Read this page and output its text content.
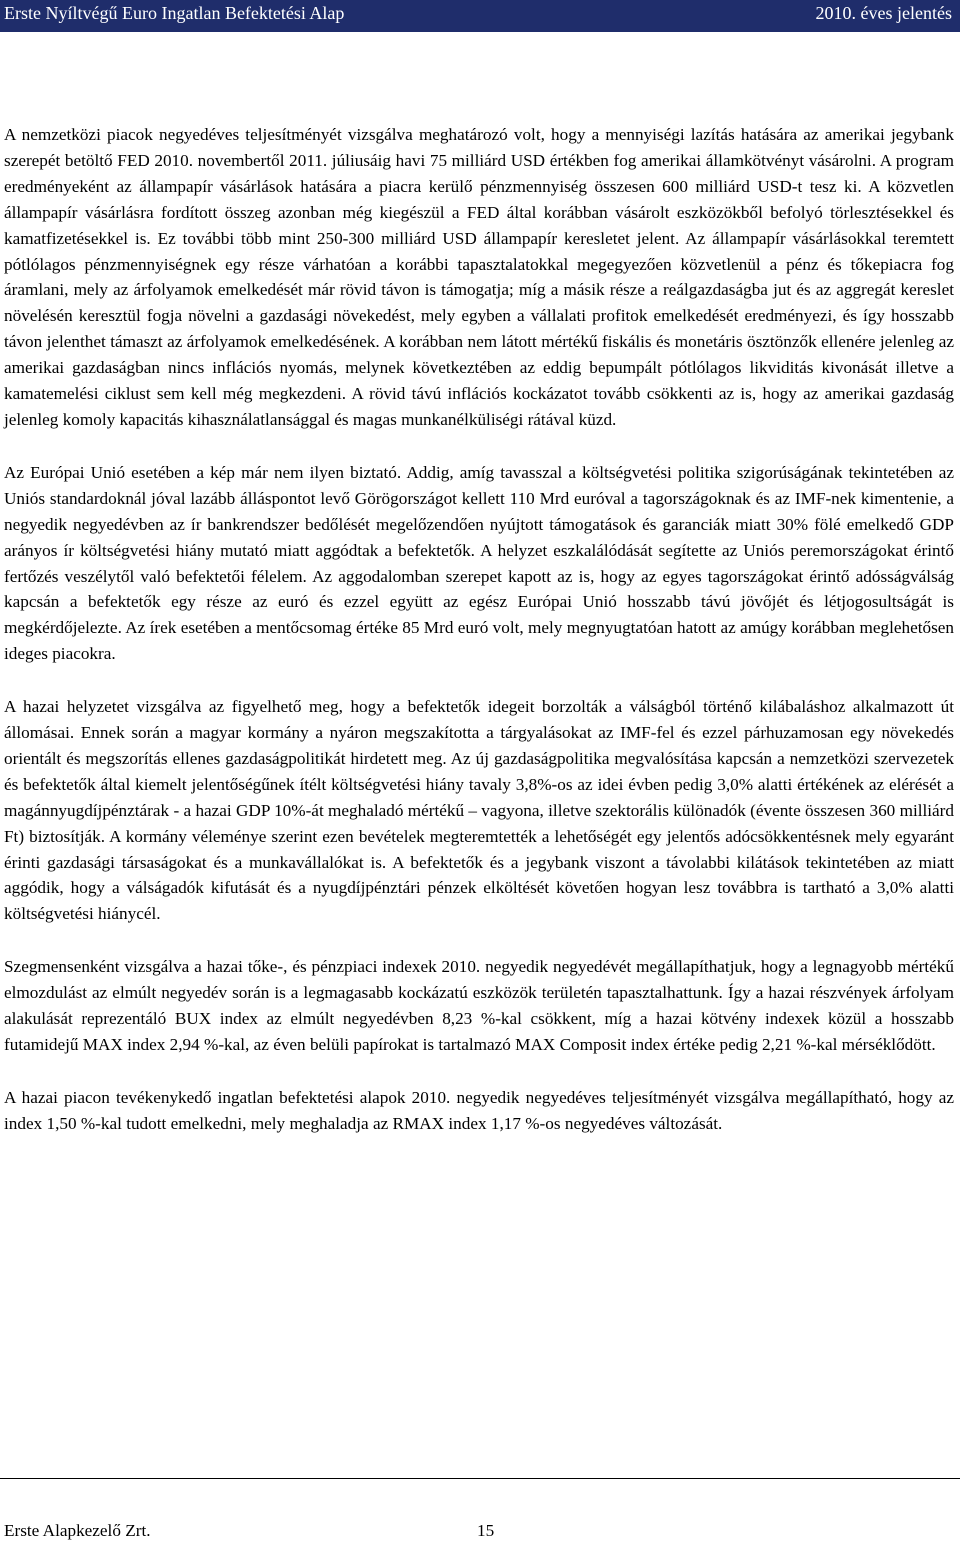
Erste Nyíltvégű Euro Ingatlan Befektetési Alap	2010. éves jelentés

A nemzetközi piacok negyedéves teljesítményét vizsgálva meghatározó volt, hogy a mennyiségi lazítás hatására az amerikai jegybank szerepét betöltő FED 2010. novembertől 2011. júliusáig havi 75 milliárd USD értékben fog amerikai államkötvényt vásárolni. A program eredményeként az állampapír vásárlások hatására a piacra kerülő pénzmennyiség összesen 600 milliárd USD-t tesz ki. A közvetlen állampapír vásárlásra fordított összeg azonban még kiegészül a FED által korábban vásárolt eszközökből befolyó törlesztésekkel és kamatfizetésekkel is. Ez további több mint 250-300 milliárd USD állampapír keresletet jelent. Az állampapír vásárlásokkal teremtett pótlólagos pénzmennyiségnek egy része várhatóan a korábbi tapasztalatokkal megegyezően közvetlenül a pénz és tőkepiacra fog áramlani, mely az árfolyamok emelkedését már rövid távon is támogatja; míg a másik része a reálgazdaságba jut és az aggregát kereslet növelésén keresztül fogja növelni a gazdasági növekedést, mely egyben a vállalati profitok emelkedését eredményezi, és így hosszabb távon jelenthet támaszt az árfolyamok emelkedésének. A korábban nem látott mértékű fiskális és monetáris ösztönzők ellenére jelenleg az amerikai gazdaságban nincs inflációs nyomás, melynek következtében az eddig bepumpált pótlólagos likviditás kivonását illetve a kamatemelési ciklust sem kell még megkezdeni. A rövid távú inflációs kockázatot tovább csökkenti az is, hogy az amerikai gazdaság jelenleg komoly kapacitás kihasználatlansággal és magas munkanélküliségi rátával küzd.

Az Európai Unió esetében a kép már nem ilyen biztató. Addig, amíg tavasszal a költségvetési politika szigorúságának tekintetében az Uniós standardoknál jóval lazább álláspontot levő Görögországot kellett 110 Mrd euróval a tagországoknak és az IMF-nek kimentenie, a negyedik negyedévben az ír bankrendszer bedőlését megelőzendően nyújtott támogatások és garanciák miatt 30% fölé emelkedő GDP arányos ír költségvetési hiány mutató miatt aggódtak a befektetők. A helyzet eszkalálódását segítette az Uniós peremországokat érintő fertőzés veszélytől való befektetői félelem. Az aggodalomban szerepet kapott az is, hogy az egyes tagországokat érintő adósságválság kapcsán a befektetők egy része az euró és ezzel együtt az egész Európai Unió hosszabb távú jövőjét és létjogosultságát is megkérdőjelezte. Az írek esetében a mentőcsomag értéke 85 Mrd euró volt, mely megnyugtatóan hatott az amúgy korábban meglehetősen ideges piacokra.

A hazai helyzetet vizsgálva az figyelhető meg, hogy a befektetők idegeit borzolták a válságból történő kilábaláshoz alkalmazott út állomásai. Ennek során a magyar kormány a nyáron megszakította a tárgyalásokat az IMF-fel és ezzel párhuzamosan egy növekedés orientált és megszorítás ellenes gazdaságpolitikát hirdetett meg. Az új gazdaságpolitika megvalósítása kapcsán a nemzetközi szervezetek és befektetők által kiemelt jelentőségűnek ítélt költségvetési hiány tavaly 3,8%-os az idei évben pedig 3,0% alatti értékének az elérését a magánnyugdíjpénztárak - a hazai GDP 10%-át meghaladó mértékű – vagyona, illetve szektorális különadók (évente összesen 360 milliárd Ft) biztosítják. A kormány véleménye szerint ezen bevételek megteremtették a lehetőségét egy jelentős adócsökkentésnek mely egyaránt érinti gazdasági társaságokat és a munkavállalókat is. A befektetők és a jegybank viszont a távolabbi kilátások tekintetében az miatt aggódik, hogy a válságadók kifutását és a nyugdíjpénztári pénzek elköltését követően hogyan lesz továbbra is tartható a 3,0% alatti költségvetési hiánycél.

Szegmensenként vizsgálva a hazai tőke-, és pénzpiaci indexek 2010. negyedik negyedévét megállapíthatjuk, hogy a legnagyobb mértékű elmozdulást az elmúlt negyedév során is a legmagasabb kockázatú eszközök területén tapasztalhattunk. Így a hazai részvények árfolyam alakulását reprezentáló BUX index az elmúlt negyedévben 8,23 %-kal csökkent, míg a hazai kötvény indexek közül a hosszabb futamidejű MAX index 2,94 %-kal, az éven belüli papírokat is tartalmazó MAX Composit index értéke pedig 2,21 %-kal mérséklődött.

A hazai piacon tevékenykedő ingatlan befektetési alapok 2010. negyedik negyedéves teljesítményét vizsgálva megállapítható, hogy az index 1,50 %-kal tudott emelkedni, mely meghaladja az RMAX index 1,17 %-os negyedéves változását.

Erste Alapkezelő Zrt.	15
